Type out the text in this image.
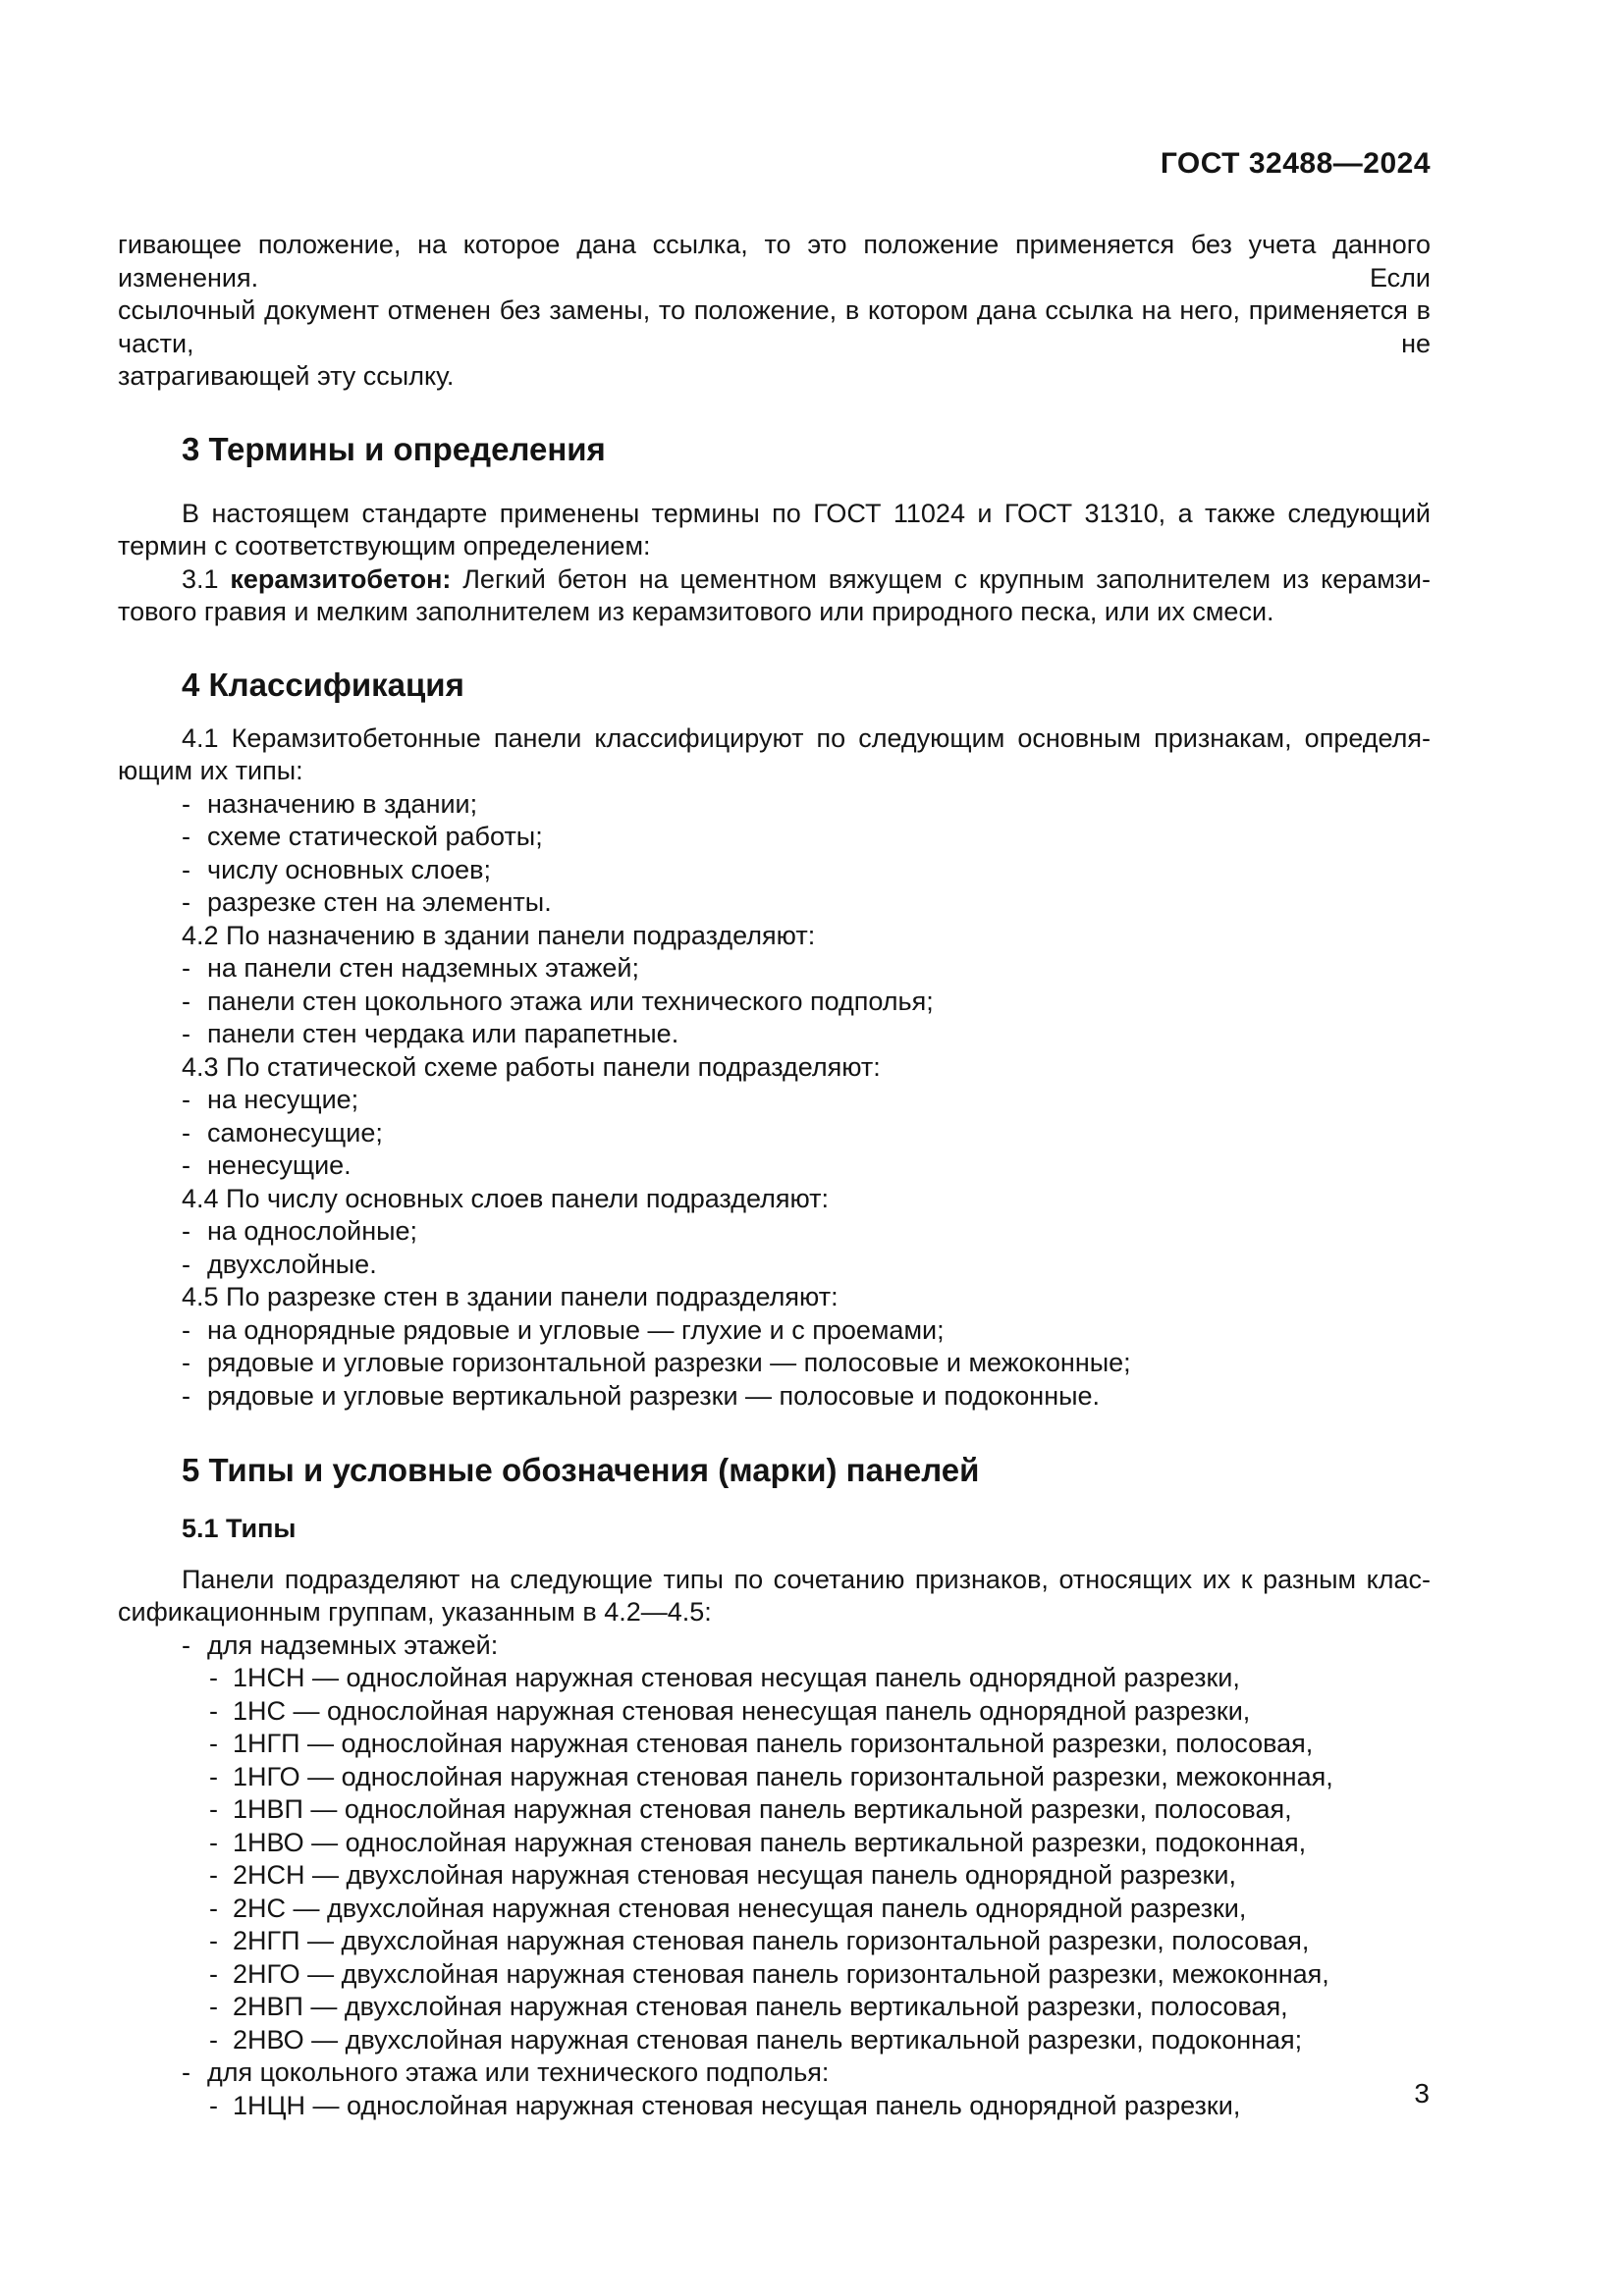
ГОСТ 32488—2024
гивающее положение, на которое дана ссылка, то это положение применяется без учета данного изменения. Если
ссылочный документ отменен без замены, то положение, в котором дана ссылка на него, применяется в части, не
затрагивающей эту ссылку.
3 Термины и определения
В настоящем стандарте применены термины по ГОСТ 11024 и ГОСТ 31310, а также следующий
термин с соответствующим определением:
3.1 керамзитобетон: Легкий бетон на цементном вяжущем с крупным заполнителем из керамзи-
тового гравия и мелким заполнителем из керамзитового или природного песка, или их смеси.
4 Классификация
4.1 Керамзитобетонные панели классифицируют по следующим основным признакам, определя-
ющим их типы:
- назначению в здании;
- схеме статической работы;
- числу основных слоев;
- разрезке стен на элементы.
4.2 По назначению в здании панели подразделяют:
- на панели стен надземных этажей;
- панели стен цокольного этажа или технического подполья;
- панели стен чердака или парапетные.
4.3 По статической схеме работы панели подразделяют:
- на несущие;
- самонесущие;
- ненесущие.
4.4 По числу основных слоев панели подразделяют:
- на однослойные;
- двухслойные.
4.5 По разрезке стен в здании панели подразделяют:
- на однорядные рядовые и угловые — глухие и с проемами;
- рядовые и угловые горизонтальной разрезки — полосовые и межоконные;
- рядовые и угловые вертикальной разрезки — полосовые и подоконные.
5 Типы и условные обозначения (марки) панелей
5.1 Типы
Панели подразделяют на следующие типы по сочетанию признаков, относящих их к разным клас-
сификационным группам, указанным в 4.2—4.5:
- для надземных этажей:
- 1НСН — однослойная наружная стеновая несущая панель однорядной разрезки,
- 1НС — однослойная наружная стеновая ненесущая панель однорядной разрезки,
- 1НГП — однослойная наружная стеновая панель горизонтальной разрезки, полосовая,
- 1НГО — однослойная наружная стеновая панель горизонтальной разрезки, межоконная,
- 1НВП — однослойная наружная стеновая панель вертикальной разрезки, полосовая,
- 1НВО — однослойная наружная стеновая панель вертикальной разрезки, подоконная,
- 2НСН — двухслойная наружная стеновая несущая панель однорядной разрезки,
- 2НС — двухслойная наружная стеновая ненесущая панель однорядной разрезки,
- 2НГП — двухслойная наружная стеновая панель горизонтальной разрезки, полосовая,
- 2НГО — двухслойная наружная стеновая панель горизонтальной разрезки, межоконная,
- 2НВП — двухслойная наружная стеновая панель вертикальной разрезки, полосовая,
- 2НВО — двухслойная наружная стеновая панель вертикальной разрезки, подоконная;
- для цокольного этажа или технического подполья:
- 1НЦН — однослойная наружная стеновая несущая панель однорядной разрезки,	3
